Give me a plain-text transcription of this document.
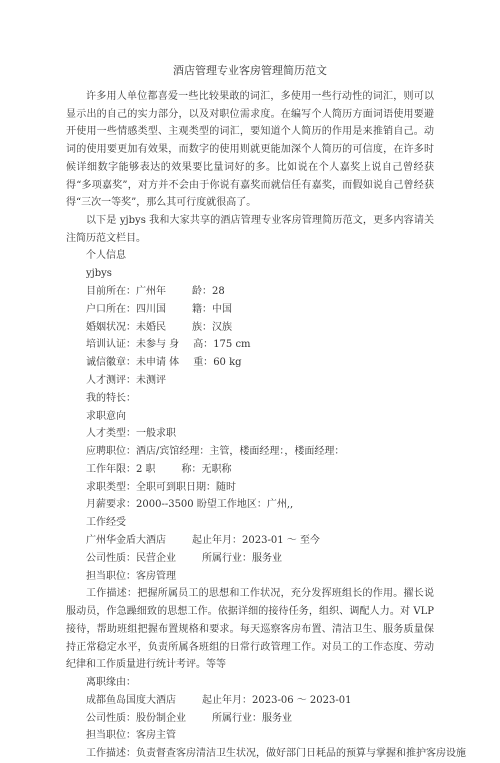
酒店管理专业客房管理简历范文

许多用人单位都喜爱一些比较果敢的词汇，多使用一些行动性的词汇，则可以显示出的自己的实力部分，以及对职位需求度。在编写个人简历方面词语使用要避开使用一些情感类型、主观类型的词汇，要知道个人简历的作用是来推销自己。动词的使用要更加有效果，而数字的使用则就更能加深个人简历的可信度，在许多时候详细数字能够表达的效果要比量词好的多。比如说在个人嘉奖上说自己曾经获得“多项嘉奖”，对方并不会由于你说有嘉奖而就信任有嘉奖，而假如说自己曾经获得“三次一等奖”，那么其可行度就很高了。

以下是 yjbys 我和大家共享的酒店管理专业客房管理简历范文，更多内容请关注简历范文栏目。

个人信息
yjbys
目前所在：广州年	龄：28
户口所在：四川国	籍：中国
婚姻状况：未婚民	族：汉族
培训认证：未参与 身 高：175 cm
诚信徽章：未申请 体 重：60 kg
人才测评：未测评
我的特长：
求职意向
人才类型：一般求职
应聘职位：酒店/宾馆经理：主管，楼面经理：，楼面经理：
工作年限：2 职	称：无职称
求职类型：全职可到职日期：随时
月薪要求：2000--3500 盼望工作地区：广州,,
工作经受
广州华金盾大酒店	起止年月：2023-01 ～ 至今
公司性质：民营企业	所属行业：服务业
担当职位：客房管理

工作描述：把握所属员工的思想和工作状况，充分发挥班组长的作用。擢长说服动员，作急躁细致的思想工作。依据详细的接待任务，组织、调配人力。对 VLP 接待，帮助班组把握布置规格和要求。每天巡察客房布置、清洁卫生、服务质量保持正常稳定水平，负责所属各班组的日常行政管理工作。对员工的工作态度、劳动纪律和工作质量进行统计考评。等等

离职缘由：
成都鱼岛国度大酒店	起止年月：2023-06 ～ 2023-01
公司性质：股份制企业	所属行业：服务业
担当职位：客房主管
工作描述：负责督查客房清洁卫生状况，做好部门日耗品的预算与掌握和推护客房设施
